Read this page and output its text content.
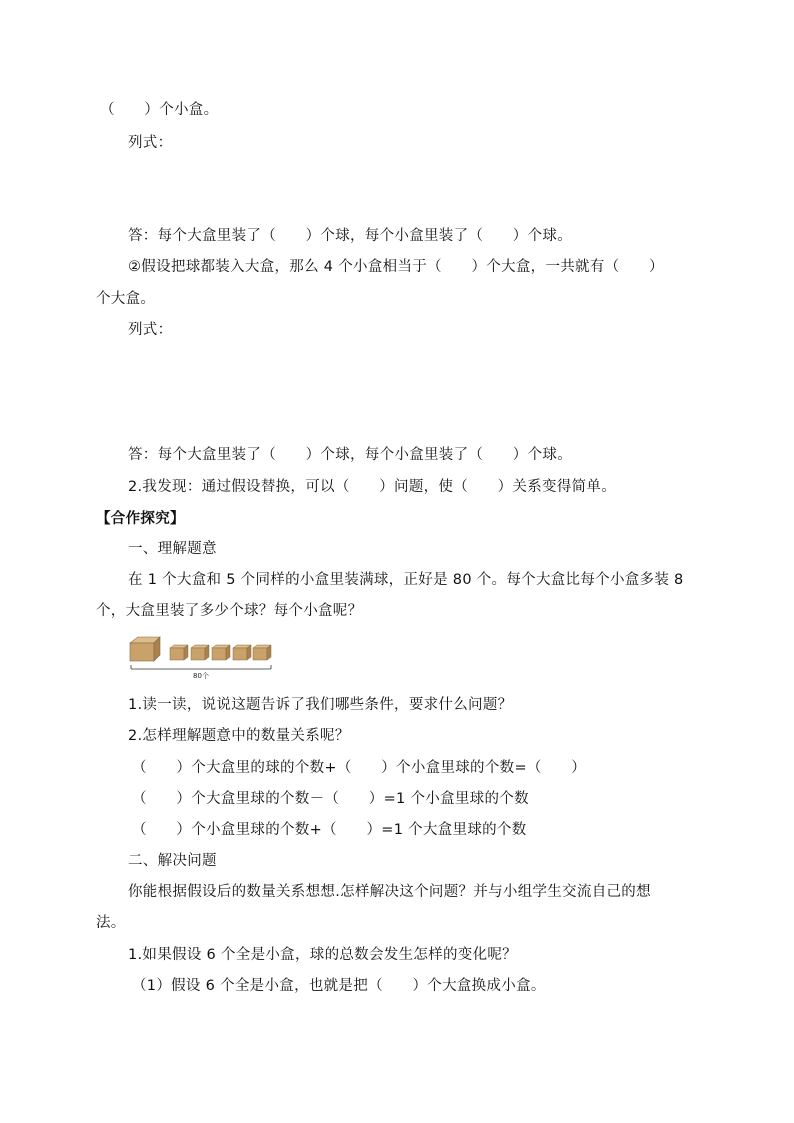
（　　）个小盒。
列式：
答：每个大盒里装了（　　）个球，每个小盒里装了（　　）个球。
②假设把球都装入大盒，那么 4 个小盒相当于（　　）个大盒，一共就有（　　）
个大盒。
列式：
答：每个大盒里装了（　　）个球，每个小盒里装了（　　）个球。
2.我发现：通过假设替换，可以（　　）问题，使（　　）关系变得简单。
【合作探究】
一、理解题意
在 1 个大盒和 5 个同样的小盒里装满球，正好是 80 个。每个大盒比每个小盒多装 8
个，大盒里装了多少个球？每个小盒呢？
80个
1.读一读，说说这题告诉了我们哪些条件，要求什么问题？
2.怎样理解题意中的数量关系呢？
（　　）个大盒里的球的个数+（　　）个小盒里球的个数=（　　）
（　　）个大盒里球的个数－（　　）=1 个小盒里球的个数
（　　）个小盒里球的个数+（　　）=1 个大盒里球的个数
二、解决问题
你能根据假设后的数量关系想想.怎样解决这个问题？并与小组学生交流自己的想
法。
1.如果假设 6 个全是小盒，球的总数会发生怎样的变化呢？
（1）假设 6 个全是小盒，也就是把（　　）个大盒换成小盒。
